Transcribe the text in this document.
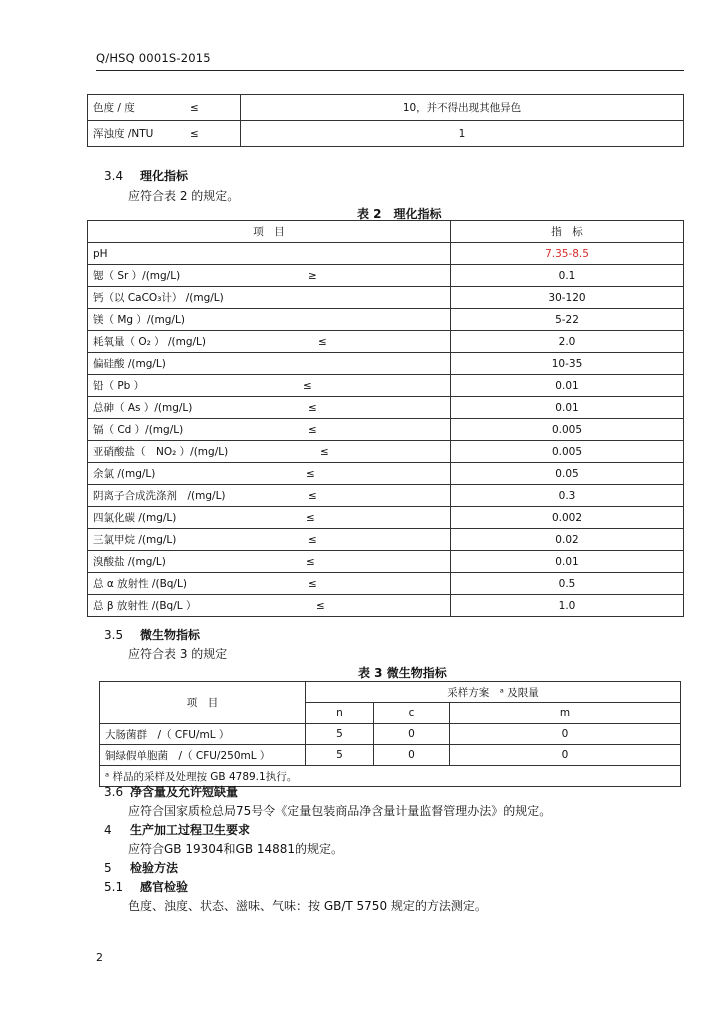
Q/HSQ 0001S-2015
色度 / 度 ≤	10，并不得出现其他异色
浑浊度 /NTU ≤	1
3.4 理化指标
应符合表 2 的规定。
表 2　理化指标
项　目	指　标
pH	7.35-8.5
锶（ Sr ）/(mg/L) ≥	0.1
钙（以 CaCO₃计） /(mg/L)	30-120
镁（ Mg ）/(mg/L)	5-22
耗氧量（ O₂ ） /(mg/L) ≤	2.0
偏硅酸 /(mg/L)	10-35
铅（ Pb ） ≤	0.01
总砷（ As ）/(mg/L) ≤	0.01
镉（ Cd ）/(mg/L) ≤	0.005
亚硝酸盐（　NO₂ ）/(mg/L) ≤	0.005
余氯 /(mg/L) ≤	0.05
阴离子合成洗涤剂　/(mg/L) ≤	0.3
四氯化碳 /(mg/L) ≤	0.002
三氯甲烷 /(mg/L) ≤	0.02
溴酸盐 /(mg/L) ≤	0.01
总 α 放射性 /(Bq/L) ≤	0.5
总 β 放射性 /(Bq/L ） ≤	1.0
3.5 微生物指标
应符合表 3 的规定
表 3 微生物指标
项　目	采样方案　ᵃ 及限量		
	n	c	m
大肠菌群　/（ CFU/mL ）	5	0	0
铜绿假单胞菌　/（ CFU/250mL ）	5	0	0
ᵃ 样品的采样及处理按 GB 4789.1执行。			
3.6 净含量及允许短缺量
应符合国家质检总局75号令《定量包装商品净含量计量监督管理办法》的规定。
4 生产加工过程卫生要求
应符合GB 19304和GB 14881的规定。
5 检验方法
5.1 感官检验
色度、浊度、状态、滋味、气味：按 GB/T 5750 规定的方法测定。
2
